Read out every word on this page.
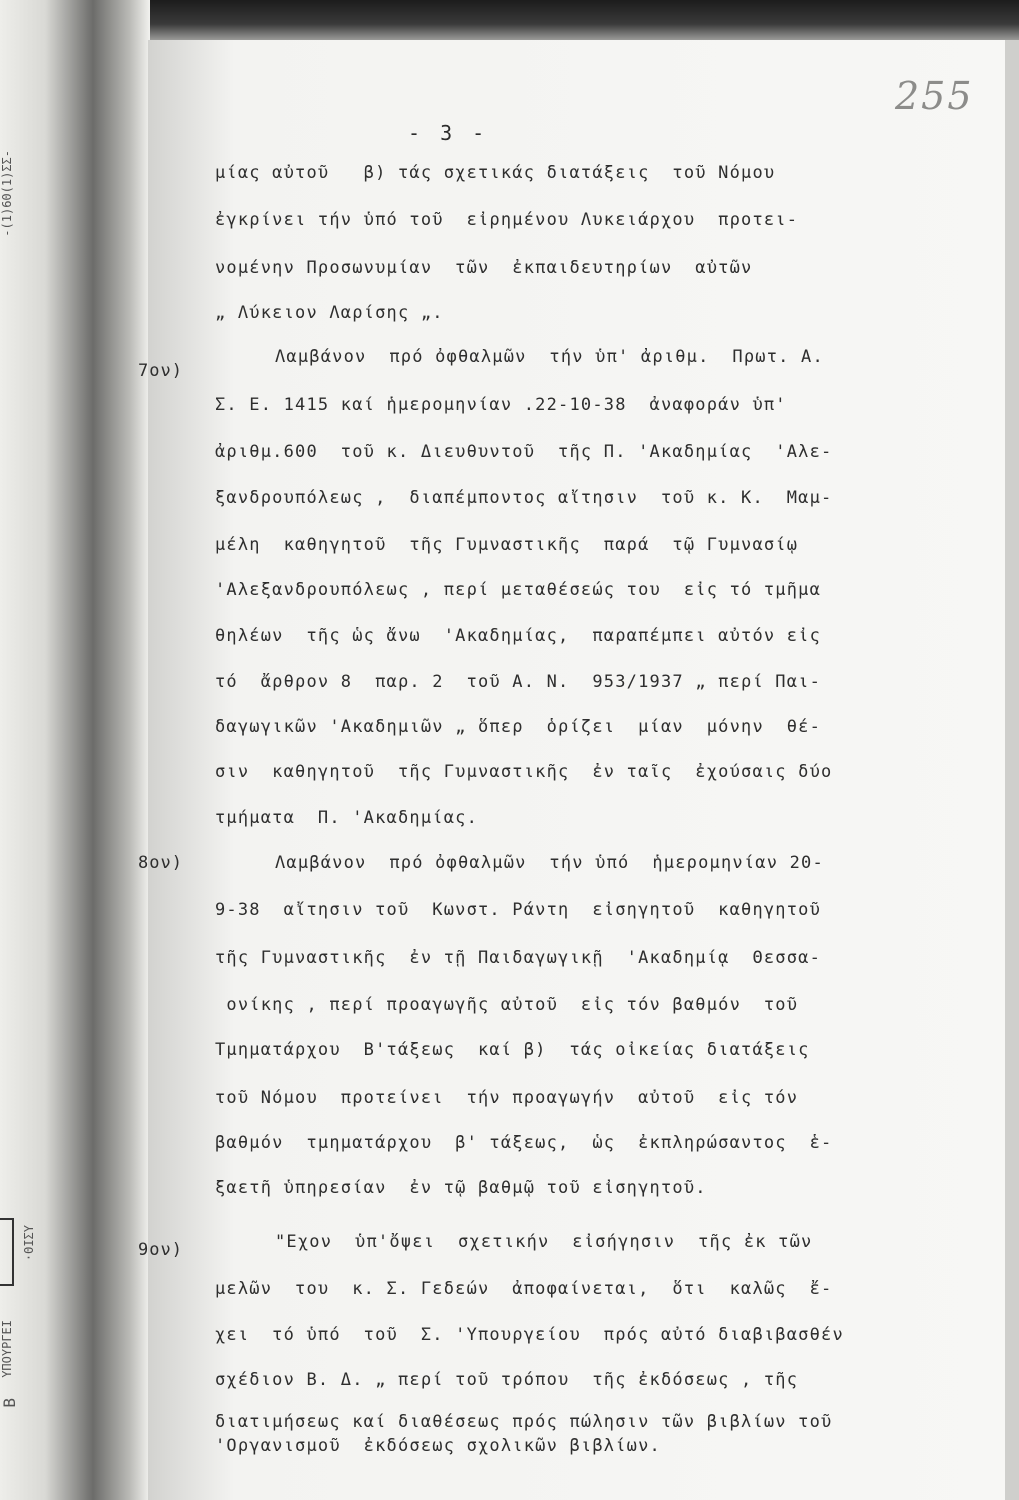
-(1)60(1)ΣΣ-
·ΘΙΣΥ
ΥΠΟΥΡΓΕΙ
Β
255
- 3 -
7ον)
8ον)
9ον)
μίας αὐτοῦ   β) τάς σχετικάς διατάξεις  τοῦ Νόμου
ἐγκρίνει τήν ὑπό τοῦ  εἰρημένου Λυκειάρχου  προτει-
νομένην Προσωνυμίαν  τῶν  ἐκπαιδευτηρίων  αὐτῶν
„ Λύκειον Λαρίσης „.
Λαμβάνον  πρό ὀφθαλμῶν  τήν ὑπ' ἀριθμ.  Πρωτ. Α.
Σ. Ε. 1415 καί ἡμερομηνίαν .22-10-38  ἀναφοράν ὑπ'
ἀριθμ.600  τοῦ κ. Διευθυντοῦ  τῆς Π. 'Ακαδημίας  'Αλε-
ξανδρουπόλεως ,  διαπέμποντος αἴτησιν  τοῦ κ. Κ.  Μαμ-
μέλη  καθηγητοῦ  τῆς Γυμναστικῆς  παρά  τῷ Γυμνασίῳ
'Αλεξανδρουπόλεως , περί μεταθέσεώς του  εἰς τό τμῆμα
θηλέων  τῆς ὡς ἄνω  'Ακαδημίας,  παραπέμπει αὐτόν εἰς
τό  ἄρθρον 8  παρ. 2  τοῦ Α. Ν.  953/1937 „ περί Παι-
δαγωγικῶν 'Ακαδημιῶν „ ὅπερ  ὁρίζει  μίαν  μόνην  θέ-
σιν  καθηγητοῦ  τῆς Γυμναστικῆς  ἐν ταῖς  ἐχούσαις δύο
τμήματα  Π. 'Ακαδημίας.
Λαμβάνον  πρό ὀφθαλμῶν  τήν ὑπό  ἡμερομηνίαν 20-
9-38  αἴτησιν τοῦ  Κωνστ. Ράντη  εἰσηγητοῦ  καθηγητοῦ
τῆς Γυμναστικῆς  ἐν τῇ Παιδαγωγικῇ  'Ακαδημίᾳ  Θεσσα-
ονίκης , περί προαγωγῆς αὐτοῦ  εἰς τόν βαθμόν  τοῦ
Τμηματάρχου  Β'τάξεως  καί β)  τάς οἰκείας διατάξεις
τοῦ Νόμου  προτείνει  τήν προαγωγήν  αὐτοῦ  εἰς τόν
βαθμόν  τμηματάρχου  β' τάξεως,  ὡς  ἐκπληρώσαντος  ἑ-
ξαετῆ ὑπηρεσίαν  ἐν τῷ βαθμῷ τοῦ εἰσηγητοῦ.
"Εχον  ὑπ'ὄψει  σχετικήν  εἰσήγησιν  τῆς ἐκ τῶν
μελῶν  του  κ. Σ. Γεδεών  ἀποφαίνεται,  ὅτι  καλῶς  ἔ-
χει  τό ὑπό  τοῦ  Σ. 'Υπουργείου  πρός αὐτό διαβιβασθέν
σχέδιον Β. Δ. „ περί τοῦ τρόπου  τῆς ἐκδόσεως , τῆς
διατιμήσεως καί διαθέσεως πρός πώλησιν τῶν βιβλίων τοῦ
'Οργανισμοῦ  ἐκδόσεως σχολικῶν βιβλίων.
